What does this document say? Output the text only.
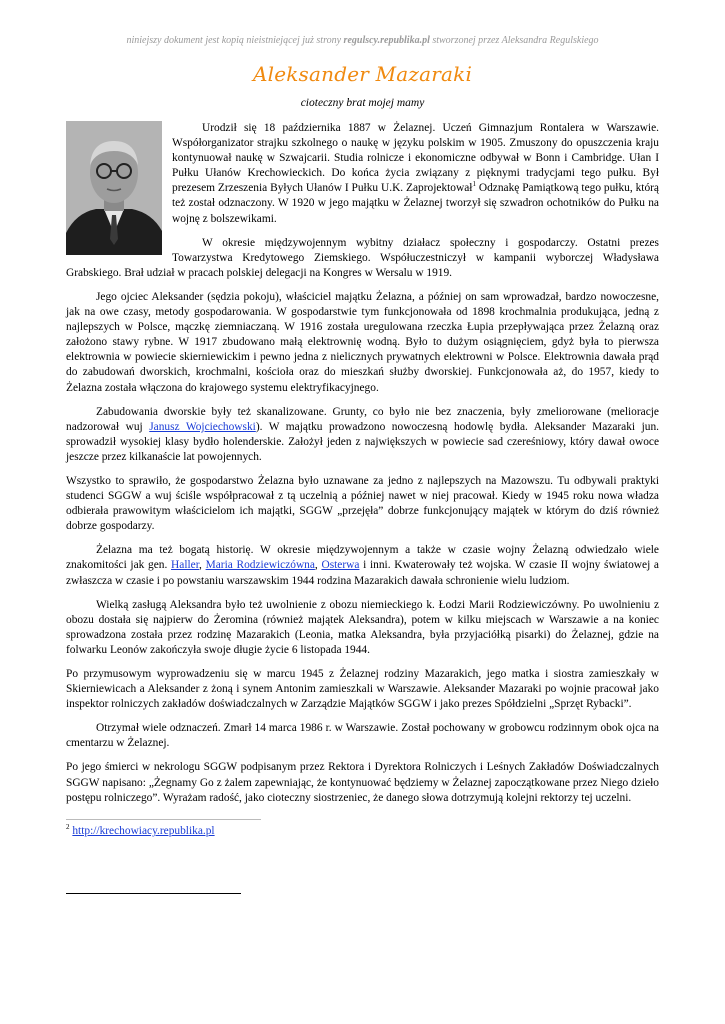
niniejszy dokument jest kopią nieistniejącej już strony regulscy.republika.pl stworzonej przez Aleksandra Regulskiego
Aleksander Mazaraki
cioteczny brat mojej mamy

Urodził się 18 października 1887 w Żelaznej. Uczeń Gimnazjum Rontalera w Warszawie. Współorganizator strajku szkolnego o naukę w języku polskim w 1905. Zmuszony do opuszczenia kraju kontynuował naukę w Szwajcarii. Studia rolnicze i ekonomiczne odbywał w Bonn i Cambridge. Ułan I Pułku Ułanów Krechowieckich. Do końca życia związany z pięknymi tradycjami tego pułku. Był prezesem Zrzeszenia Byłych Ułanów I Pułku U.K. Zaprojektował$^1$ Odznakę Pamiątkową tego pułku, którą też został odznaczony. W 1920 w jego majątku w Żelaznej tworzył się szwadron ochotników do Pułku na wojnę z bolszewikami.

W okresie międzywojennym wybitny działacz społeczny i gospodarczy. Ostatni prezes Towarzystwa Kredytowego Ziemskiego. Współuczestniczył w kampanii wyborczej Władysława Grabskiego. Brał udział w pracach polskiej delegacji na Kongres w Wersalu w 1919.

Jego ojciec Aleksander (sędzia pokoju), właściciel majątku Żelazna, a później on sam wprowadzał, bardzo nowoczesne, jak na owe czasy, metody gospodarowania. W gospodarstwie tym funkcjonowała od 1898 krochmalnia produkująca, jedną z najlepszych w Polsce, mączkę ziemniaczaną. W 1916 została uregulowana rzeczka Łupia przepływająca przez Żelazną oraz założono stawy rybne. W 1917 zbudowano małą elektrownię wodną. Było to dużym osiągnięciem, gdyż była to pierwsza elektrownia w powiecie skierniewickim i pewno jedna z nielicznych prywatnych elektrowni w Polsce. Elektrownia dawała prąd do zabudowań dworskich, krochmalni, kościoła oraz do mieszkań służby dworskiej. Funkcjonowała aż, do 1957, kiedy to Żelazna została włączona do krajowego systemu elektryfikacyjnego.

Zabudowania dworskie były też skanalizowane. Grunty, co było nie bez znaczenia, były zmeliorowane (melioracje nadzorował wuj Janusz Wojciechowski). W majątku prowadzono nowoczesną hodowlę bydła. Aleksander Mazaraki jun. sprowadził wysokiej klasy bydło holenderskie. Założył jeden z największych w powiecie sad czereśniowy, który dawał owoce jeszcze przez kilkanaście lat powojennych.

Wszystko to sprawiło, że gospodarstwo Żelazna było uznawane za jedno z najlepszych na Mazowszu. Tu odbywali praktyki studenci SGGW a wuj ściśle współpracował z tą uczelnią a później nawet w niej pracował. Kiedy w 1945 roku nowa władza odbierała prawowitym właścicielom ich majątki, SGGW „przejęła” dobrze funkcjonujący majątek w którym do dziś również dobrze gospodarzy.

Żelazna ma też bogatą historię. W okresie międzywojennym a także w czasie wojny Żelazną odwiedzało wiele znakomitości jak gen. Haller, Maria Rodziewiczówna, Osterwa i inni. Kwaterowały też wojska. W czasie II wojny światowej a zwłaszcza w czasie i po powstaniu warszawskim 1944 rodzina Mazarakich dawała schronienie wielu ludziom.

Wielką zasługą Aleksandra było też uwolnienie z obozu niemieckiego k. Łodzi Marii Rodziewiczówny. Po uwolnieniu z obozu dostała się najpierw do Żeromina (również majątek Aleksandra), potem w kilku miejscach w Warszawie a na koniec sprowadzona została przez rodzinę Mazarakich (Leonia, matka Aleksandra, była przyjaciółką pisarki) do Żelaznej, gdzie na folwarku Leonów zakończyła swoje długie życie 6 listopada 1944.

Po przymusowym wyprowadzeniu się w marcu 1945 z Żelaznej rodziny Mazarakich, jego matka i siostra zamieszkały w Skierniewicach a Aleksander z żoną i synem Antonim zamieszkali w Warszawie. Aleksander Mazaraki po wojnie pracował jako inspektor rolniczych zakładów doświadczalnych w Zarządzie Majątków SGGW i jako prezes Spółdzielni „Sprzęt Rybacki”.

Otrzymał wiele odznaczeń. Zmarł 14 marca 1986 r. w Warszawie. Został pochowany w grobowcu rodzinnym obok ojca na cmentarzu w Żelaznej.

Po jego śmierci w nekrologu SGGW podpisanym przez Rektora i Dyrektora Rolniczych i Leśnych Zakładów Doświadczalnych SGGW napisano: „Żegnamy Go z żalem zapewniając, że kontynuować będziemy w Żelaznej zapoczątkowane przez Niego dzieło postępu rolniczego”. Wyrażam radość, jako cioteczny siostrzeniec, że danego słowa dotrzymują kolejni rektorzy tej uczelni.

$^2$ http://krechowiacy.republika.pl
